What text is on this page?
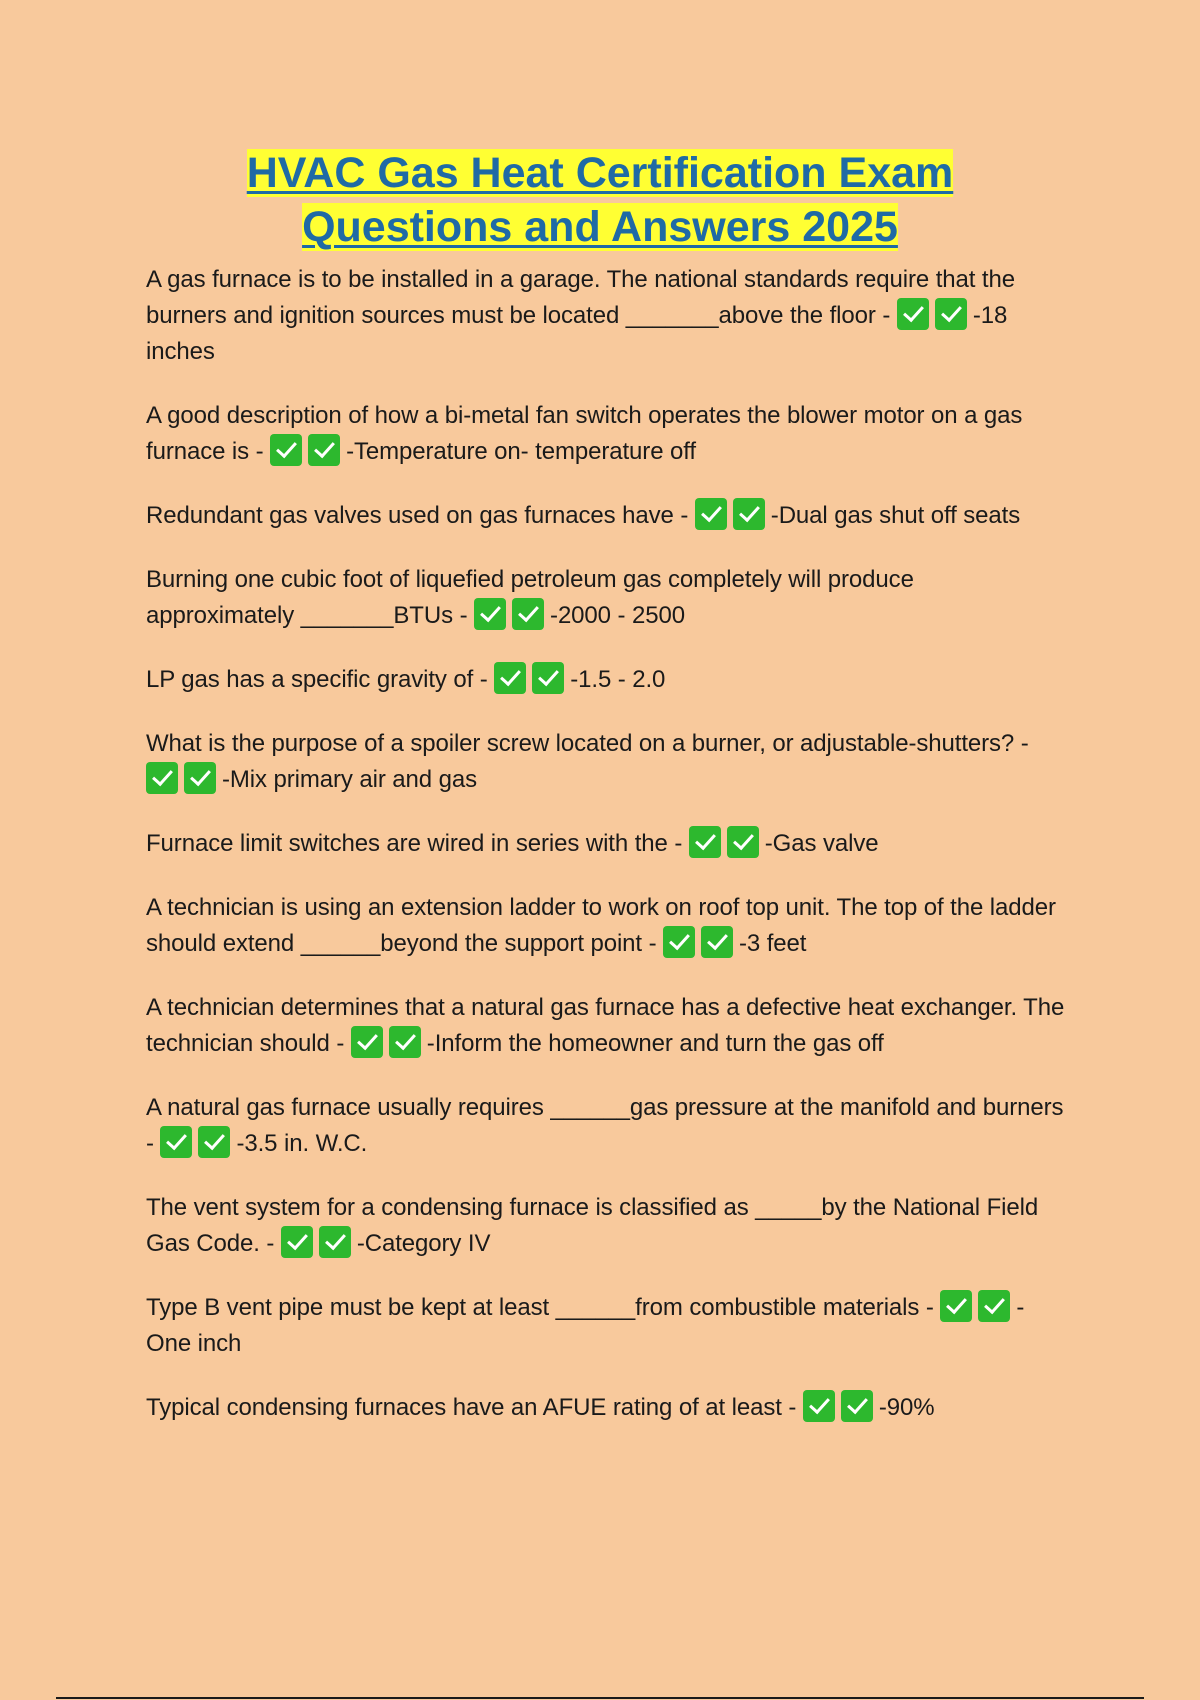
HVAC Gas Heat Certification Exam
Questions and Answers 2025

A gas furnace is to be installed in a garage. The national standards require that the burners and ignition sources must be located _______above the floor -	-18 inches

A good description of how a bi-metal fan switch operates the blower motor on a gas furnace is -	-Temperature on- temperature off

Redundant gas valves used on gas furnaces have -	-Dual gas shut off seats

Burning one cubic foot of liquefied petroleum gas completely will produce approximately _______BTUs -	-2000 - 2500

LP gas has a specific gravity of -	-1.5 - 2.0

What is the purpose of a spoiler screw located on a burner, or adjustable-shutters? - -Mix primary air and gas

Furnace limit switches are wired in series with the -	-Gas valve

A technician is using an extension ladder to work on roof top unit. The top of the ladder should extend ______beyond the support point -	-3 feet

A technician determines that a natural gas furnace has a defective heat exchanger. The technician should -	-Inform the homeowner and turn the gas off

A natural gas furnace usually requires ______gas pressure at the manifold and burners -	-3.5 in. W.C.

The vent system for a condensing furnace is classified as _____by the National Field Gas Code. -	-Category IV

Type B vent pipe must be kept at least ______from combustible materials -	-One inch

Typical condensing furnaces have an AFUE rating of at least -	-90%
